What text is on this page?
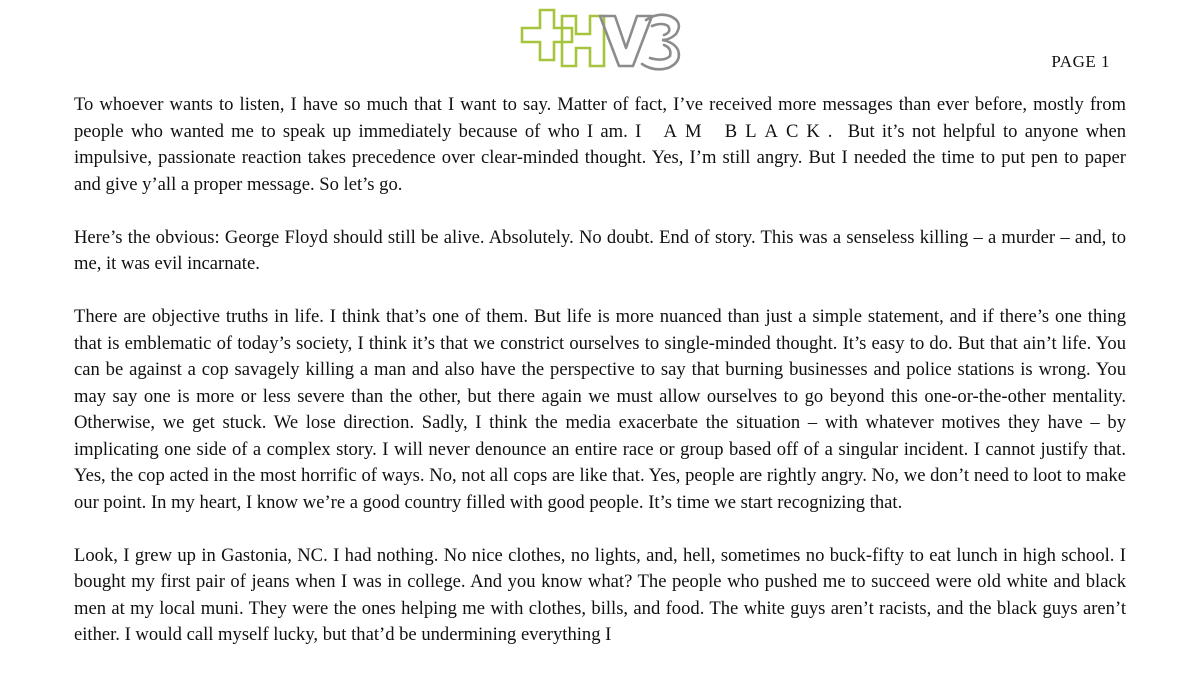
PAGE 1

To whoever wants to listen, I have so much that I want to say. Matter of fact, I’ve received more messages than ever before, mostly from people who wanted me to speak up immediately because of who I am. I AM BLACK. But it’s not helpful to anyone when impulsive, passionate reaction takes precedence over clear-minded thought. Yes, I’m still angry. But I needed the time to put pen to paper and give y’all a proper message. So let’s go.

Here’s the obvious: George Floyd should still be alive. Absolutely. No doubt. End of story. This was a senseless killing – a murder – and, to me, it was evil incarnate.

There are objective truths in life. I think that’s one of them. But life is more nuanced than just a simple statement, and if there’s one thing that is emblematic of today’s society, I think it’s that we constrict ourselves to single-minded thought. It’s easy to do. But that ain’t life. You can be against a cop savagely killing a man and also have the perspective to say that burning businesses and police stations is wrong. You may say one is more or less severe than the other, but there again we must allow ourselves to go beyond this one-or-the-other mentality. Otherwise, we get stuck. We lose direction. Sadly, I think the media exacerbate the situation – with whatever motives they have – by implicating one side of a complex story. I will never denounce an entire race or group based off of a singular incident. I cannot justify that. Yes, the cop acted in the most horrific of ways. No, not all cops are like that. Yes, people are rightly angry. No, we don’t need to loot to make our point. In my heart, I know we’re a good country filled with good people. It’s time we start recognizing that.

Look, I grew up in Gastonia, NC. I had nothing. No nice clothes, no lights, and, hell, sometimes no buck-fifty to eat lunch in high school. I bought my first pair of jeans when I was in college. And you know what? The people who pushed me to succeed were old white and black men at my local muni. They were the ones helping me with clothes, bills, and food. The white guys aren’t racists, and the black guys aren’t either. I would call myself lucky, but that’d be undermining everything I
